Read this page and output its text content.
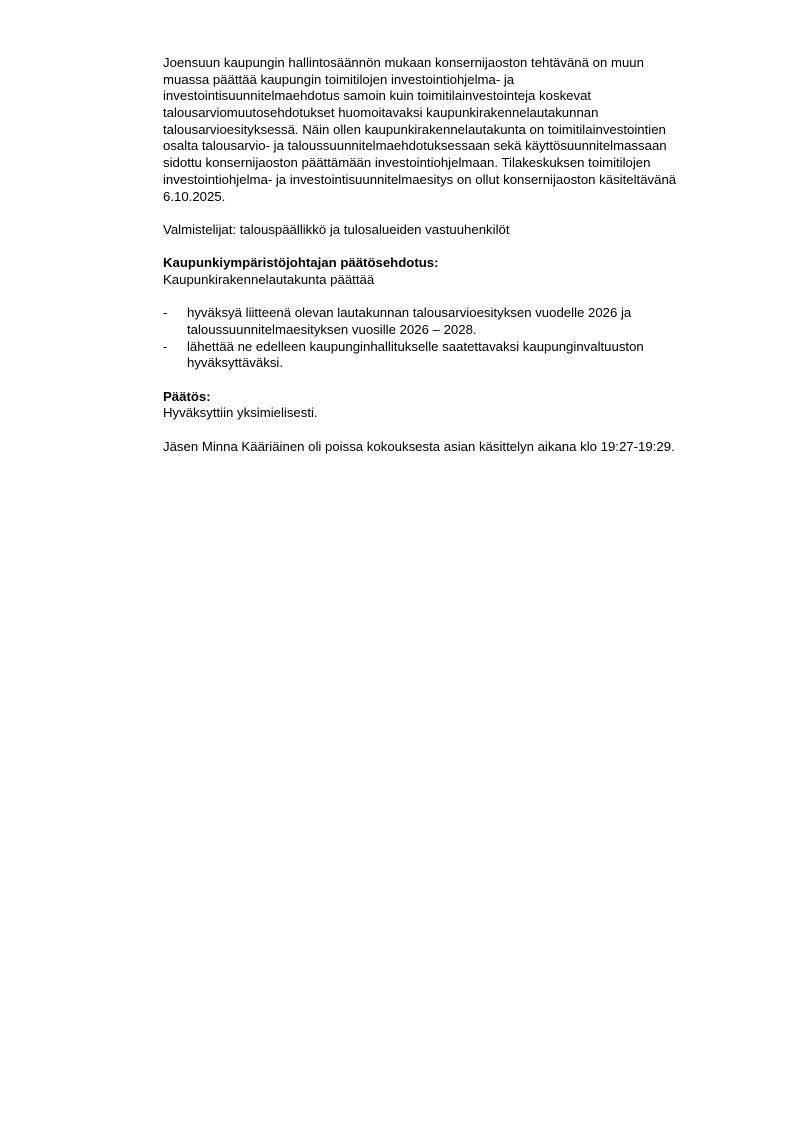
Joensuun kaupungin hallintosäännön mukaan konsernijaoston tehtävänä on muun
muassa päättää kaupungin toimitilojen investointiohjelma- ja
investointisuunnitelmaehdotus samoin kuin toimitilainvestointeja koskevat
talousarviomuutosehdotukset huomoitavaksi kaupunkirakennelautakunnan
talousarvioesityksessä. Näin ollen kaupunkirakennelautakunta on toimitilainvestointien
osalta talousarvio- ja taloussuunnitelmaehdotuksessaan sekä käyttösuunnitelmassaan
sidottu konsernijaoston päättämään investointiohjelmaan. Tilakeskuksen toimitilojen
investointiohjelma- ja investointisuunnitelmaesitys on ollut konsernijaoston käsiteltävänä
6.10.2025.
Valmistelijat: talouspäällikkö ja tulosalueiden vastuuhenkilöt
Kaupunkiympäristöjohtajan päätösehdotus:
Kaupunkirakennelautakunta päättää
-	hyväksyä liitteenä olevan lautakunnan talousarvioesityksen vuodelle 2026 ja
taloussuunnitelmaesityksen vuosille 2026 – 2028.
-	lähettää ne edelleen kaupunginhallitukselle saatettavaksi kaupunginvaltuuston
hyväksyttäväksi.
Päätös:
Hyväksyttiin yksimielisesti.
Jäsen Minna Kääriäinen oli poissa kokouksesta asian käsittelyn aikana klo 19:27-19:29.
